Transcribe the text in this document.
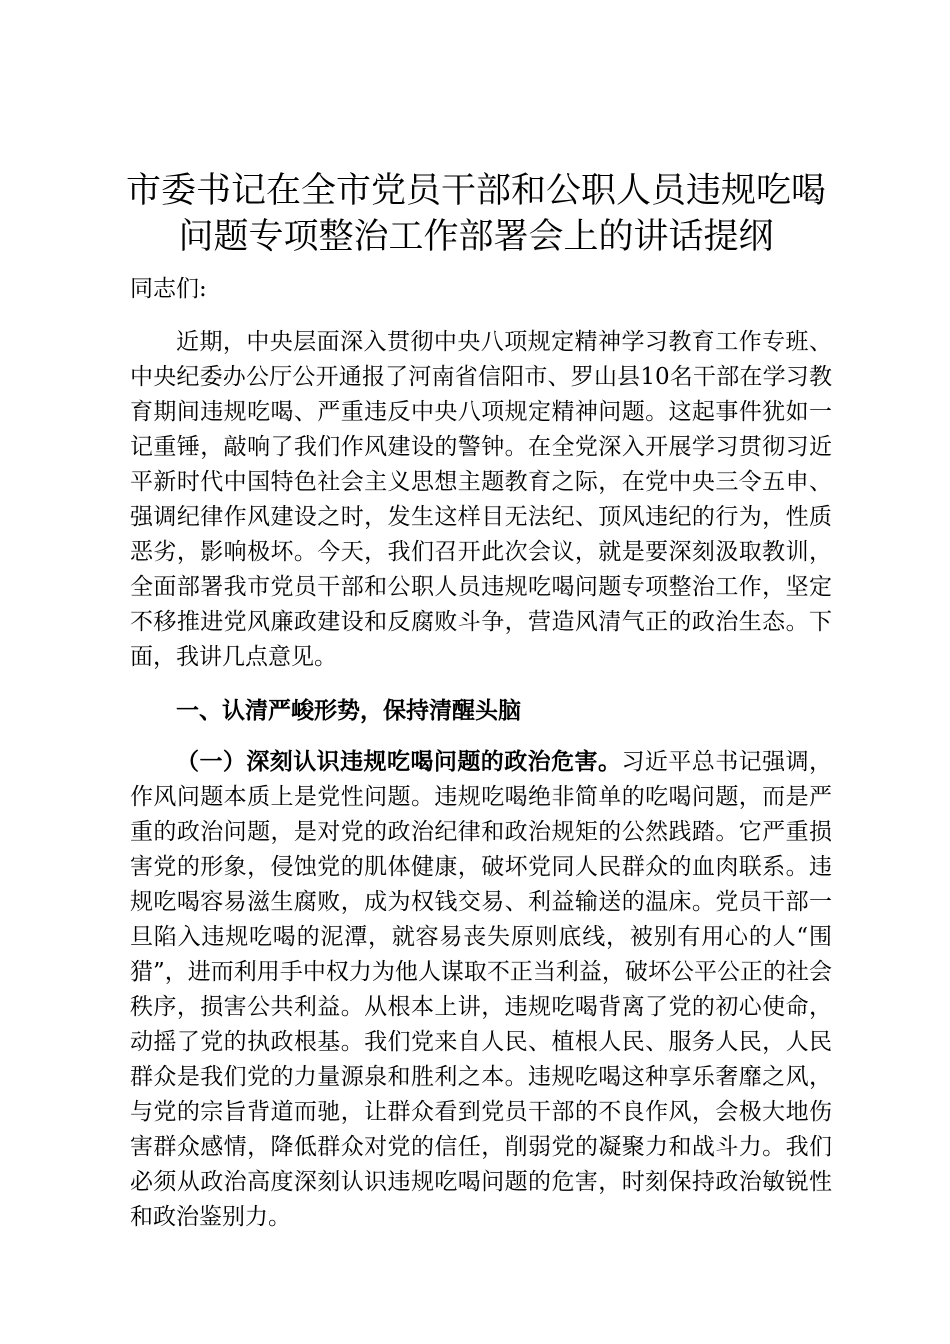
市委书记在全市党员干部和公职人员违规吃喝
问题专项整治工作部署会上的讲话提纲

同志们:

近期，中央层面深入贯彻中央八项规定精神学习教育工作专班、中央纪委办公厅公开通报了河南省信阳市、罗山县10名干部在学习教育期间违规吃喝、严重违反中央八项规定精神问题。这起事件犹如一记重锤，敲响了我们作风建设的警钟。在全党深入开展学习贯彻习近平新时代中国特色社会主义思想主题教育之际，在党中央三令五申、强调纪律作风建设之时，发生这样目无法纪、顶风违纪的行为，性质恶劣，影响极坏。今天，我们召开此次会议，就是要深刻汲取教训，全面部署我市党员干部和公职人员违规吃喝问题专项整治工作，坚定不移推进党风廉政建设和反腐败斗争，营造风清气正的政治生态。下面，我讲几点意见。

一、认清严峻形势，保持清醒头脑

（一）深刻认识违规吃喝问题的政治危害。习近平总书记强调，作风问题本质上是党性问题。违规吃喝绝非简单的吃喝问题，而是严重的政治问题，是对党的政治纪律和政治规矩的公然践踏。它严重损害党的形象，侵蚀党的肌体健康，破坏党同人民群众的血肉联系。违规吃喝容易滋生腐败，成为权钱交易、利益输送的温床。党员干部一旦陷入违规吃喝的泥潭，就容易丧失原则底线，被别有用心的人“围猎”，进而利用手中权力为他人谋取不正当利益，破坏公平公正的社会秩序，损害公共利益。从根本上讲，违规吃喝背离了党的初心使命，动摇了党的执政根基。我们党来自人民、植根人民、服务人民，人民群众是我们党的力量源泉和胜利之本。违规吃喝这种享乐奢靡之风，与党的宗旨背道而驰，让群众看到党员干部的不良作风，会极大地伤害群众感情，降低群众对党的信任，削弱党的凝聚力和战斗力。我们必须从政治高度深刻认识违规吃喝问题的危害，时刻保持政治敏锐性和政治鉴别力。
